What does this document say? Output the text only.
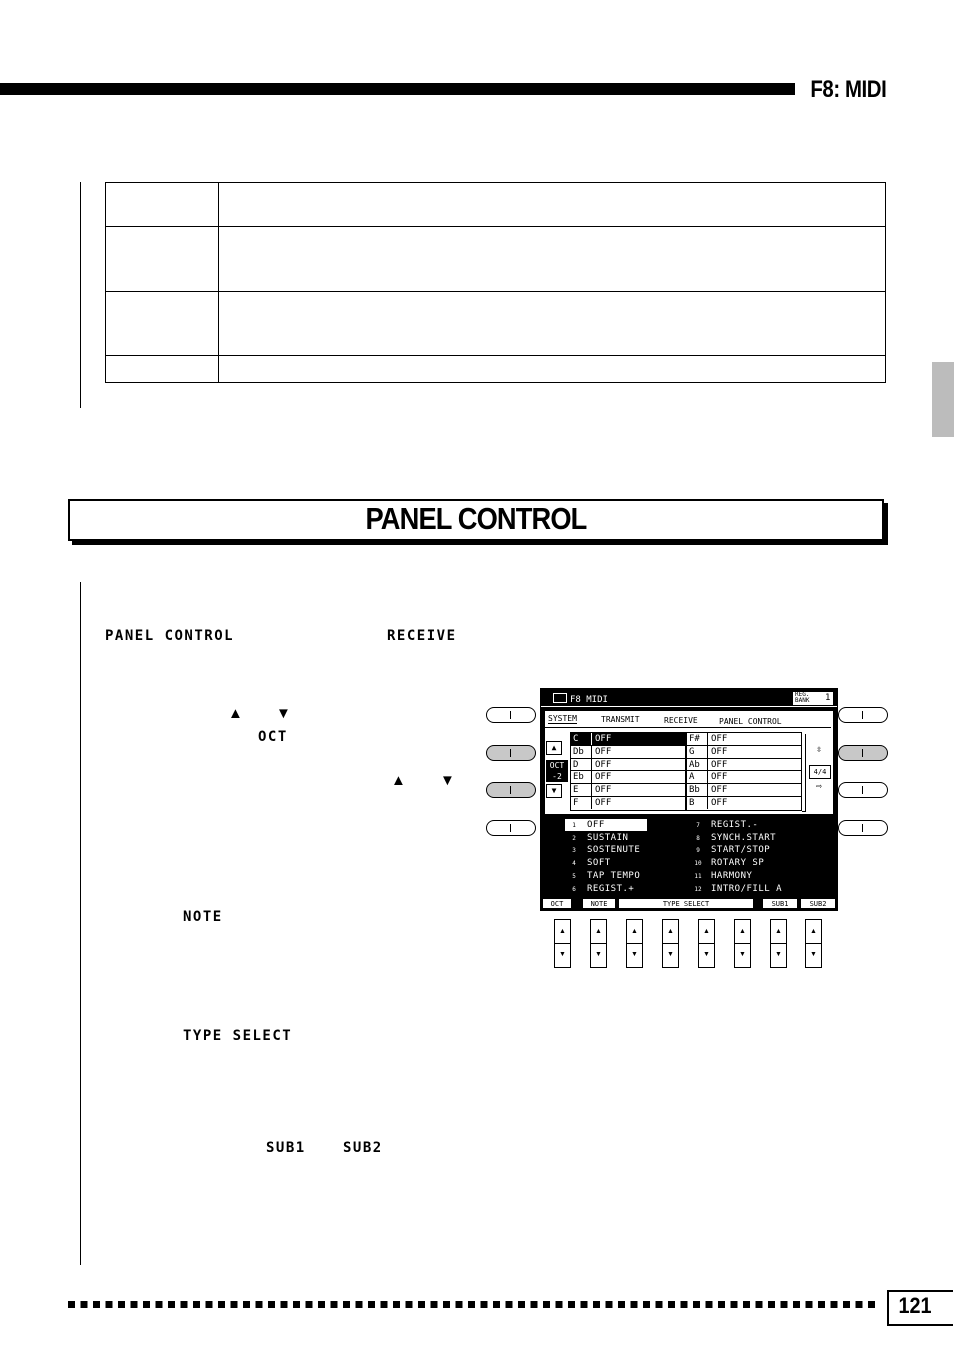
F8: MIDI

PANEL CONTROL
PANEL CONTROL	RECEIVE
▲ ▼
OCT
▲ ▼
NOTE
TYPE SELECT
SUB1	SUB2
F8 MIDI
REG.
BANK 1
SYSTEM	TRANSMIT	RECEIVE	PANEL CONTROL
▲
OCT
-2
▼
C OFF
Db OFF
D OFF
Eb OFF
E OFF
F OFF
F# OFF
G OFF
Ab OFF
A OFF
Bb OFF
B OFF
⇳
4/4
⇨
1 OFF
2 SUSTAIN
3 SOSTENUTE
4 SOFT
5 TAP TEMPO
6 REGIST.+
7 REGIST.-
8 SYNCH.START
9 START/STOP
10 ROTARY SP
11 HARMONY
12 INTRO/FILL A
OCT	NOTE	TYPE SELECT	SUB1	SUB2
▲
▼
▲
▼
▲
▼
▲
▼
▲
▼
▲
▼
▲
▼
▲
▼
121
